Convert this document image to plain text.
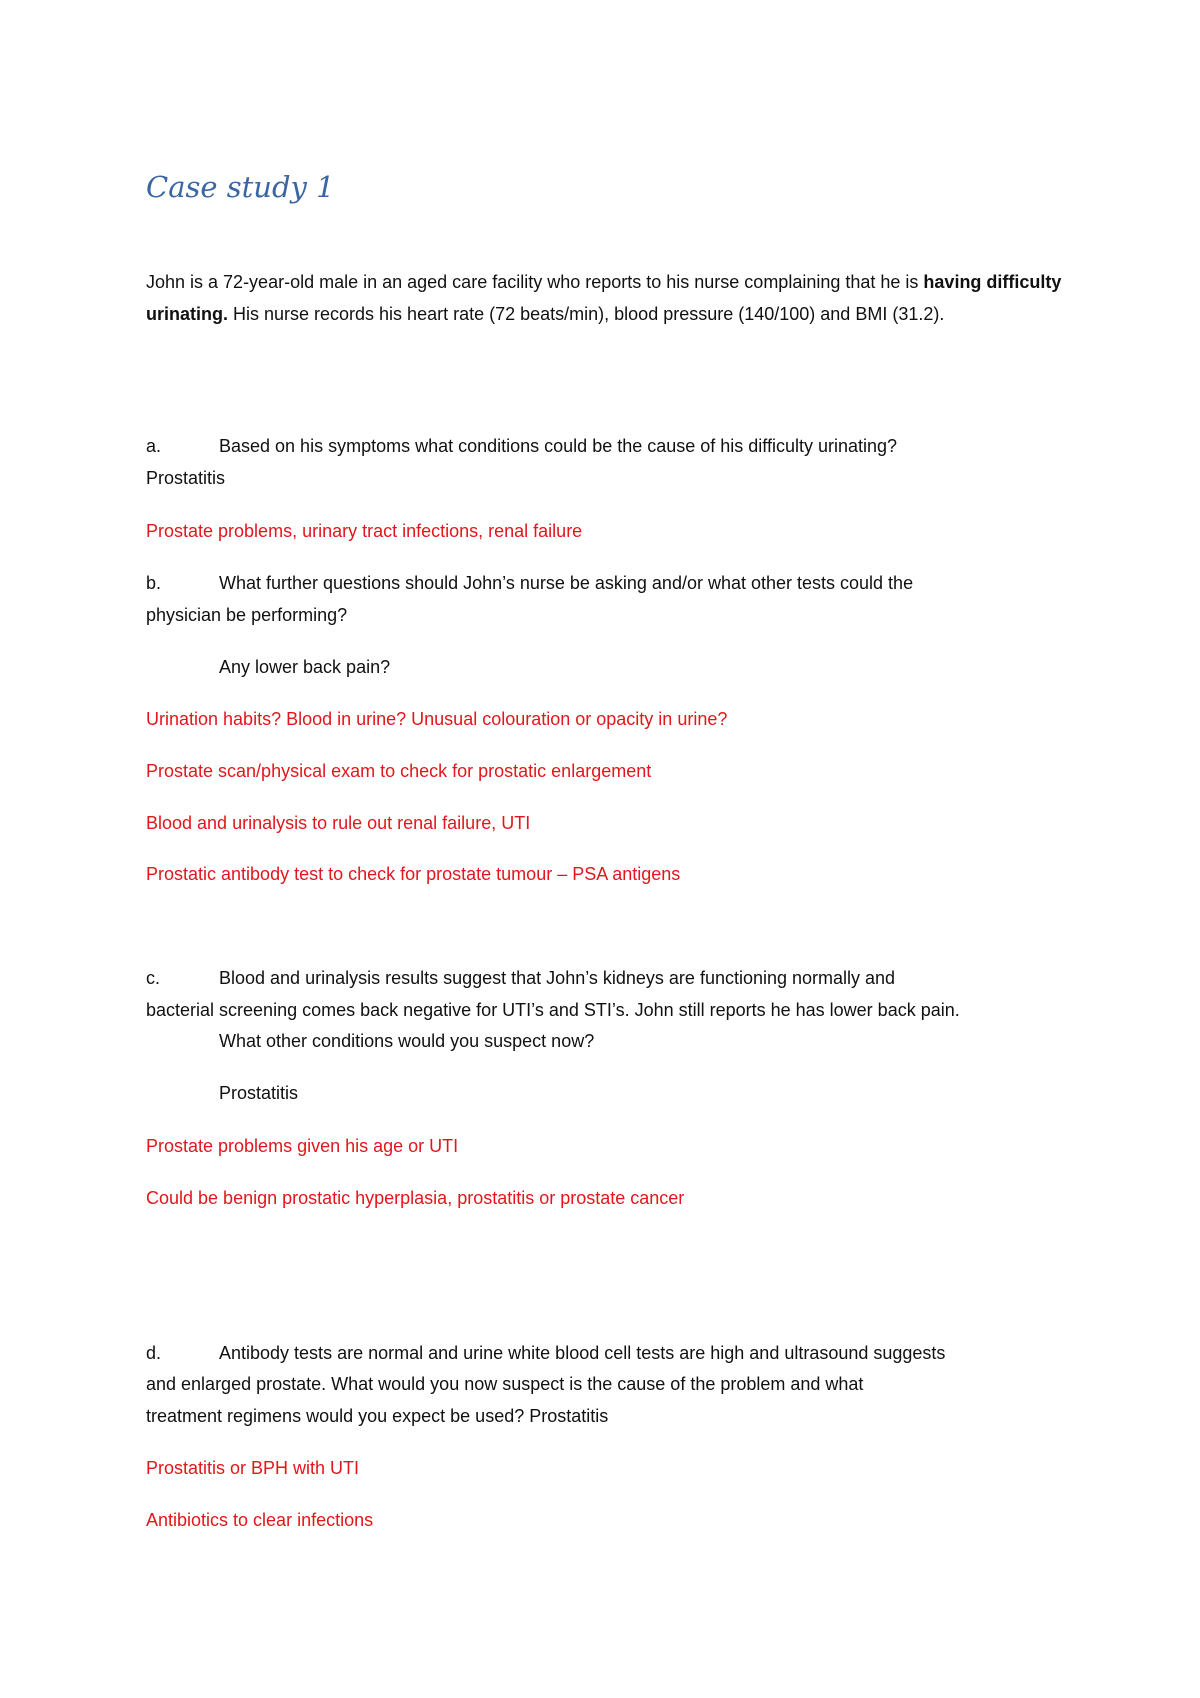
Case study 1

John is a 72-year-old male in an aged care facility who reports to his nurse complaining that he is having difficulty urinating. His nurse records his heart rate (72 beats/min), blood pressure (140/100) and BMI (31.2).

a.	Based on his symptoms what conditions could be the cause of his difficulty urinating?

Prostatitis

Prostate problems, urinary tract infections, renal failure

b.	What further questions should John’s nurse be asking and/or what other tests could the

physician be performing?

Any lower back pain?

Urination habits? Blood in urine? Unusual colouration or opacity in urine?

Prostate scan/physical exam to check for prostatic enlargement

Blood and urinalysis to rule out renal failure, UTI

Prostatic antibody test to check for prostate tumour – PSA antigens

c.	Blood and urinalysis results suggest that John’s kidneys are functioning normally and

bacterial screening comes back negative for UTI’s and STI’s. John still reports he has lower back pain.

What other conditions would you suspect now?

Prostatitis

Prostate problems given his age or UTI

Could be benign prostatic hyperplasia, prostatitis or prostate cancer

d.	Antibody tests are normal and urine white blood cell tests are high and ultrasound suggests

and enlarged prostate. What would you now suspect is the cause of the problem and what

treatment regimens would you expect be used? Prostatitis

Prostatitis or BPH with UTI

Antibiotics to clear infections
